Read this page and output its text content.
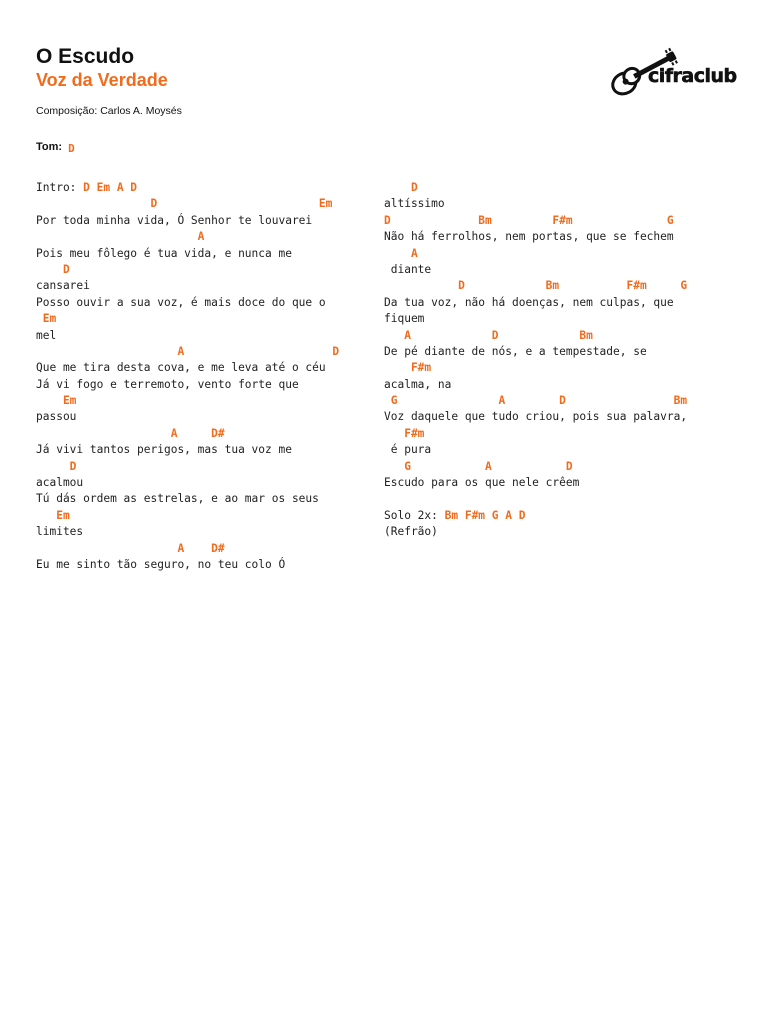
O Escudo
Voz da Verdade
Composição: Carlos A. Moysés
Tom: D
cifraclub
Intro: D Em A D
D                        Em
Por toda minha vida, Ó Senhor te louvarei
A
Pois meu fôlego é tua vida, e nunca me
D
cansarei
Posso ouvir a sua voz, é mais doce do que o
Em
mel
A                      D
Que me tira desta cova, e me leva até o céu
Já vi fogo e terremoto, vento forte que
Em
passou
A     D#
Já vivi tantos perigos, mas tua voz me
D
acalmou
Tú dás ordem as estrelas, e ao mar os seus
Em
limites
A    D#
Eu me sinto tão seguro, no teu colo Ó
D
altíssimo
D             Bm         F#m              G
Não há ferrolhos, nem portas, que se fechem
A
diante
D            Bm          F#m     G
Da tua voz, não há doenças, nem culpas, que
fiquem
A            D            Bm
De pé diante de nós, e a tempestade, se
F#m
acalma, na
G               A        D                Bm
Voz daquele que tudo criou, pois sua palavra,
F#m
é pura
G           A           D
Escudo para os que nele crêem
Solo 2x: Bm F#m G A D
(Refrão)
